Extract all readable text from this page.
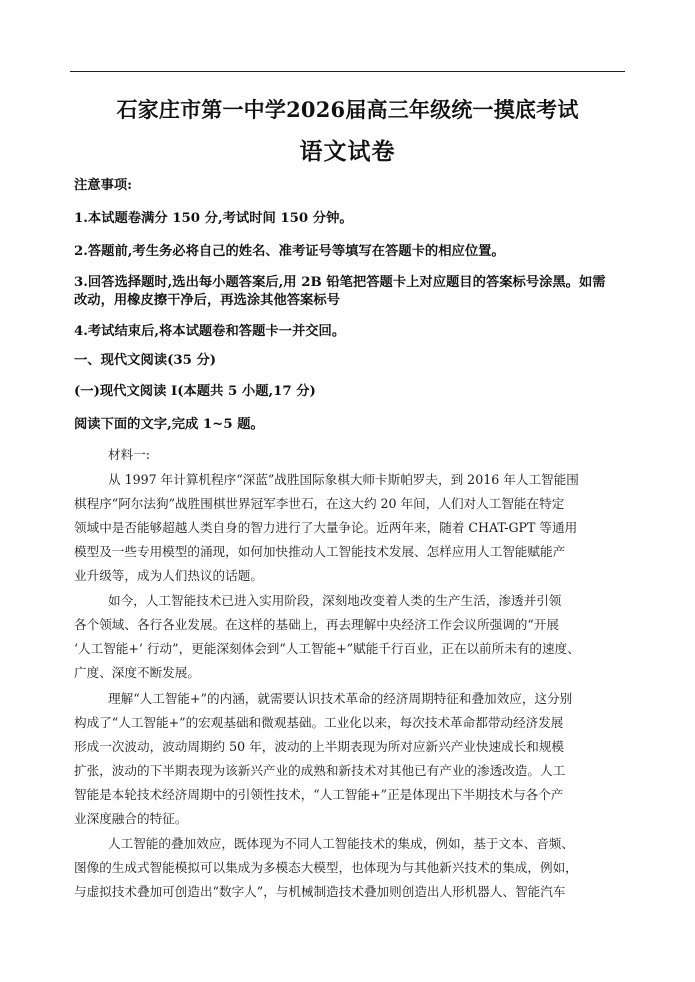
石家庄市第一中学2026届高三年级统一摸底考试
语文试卷
注意事项:
1.本试题卷满分 150 分,考试时间 150 分钟。
2.答题前,考生务必将自己的姓名、准考证号等填写在答题卡的相应位置。
3.回答选择题时,选出每小题答案后,用 2B 铅笔把答题卡上对应题目的答案标号涂黑。如需
改动，用橡皮擦干净后，再选涂其他答案标号
4.考试结束后,将本试题卷和答题卡一并交回。
一、现代文阅读(35 分)
(一)现代文阅读 I(本题共 5 小题,17 分)
阅读下面的文字,完成 1~5 题。
材料一:
从 1997 年计算机程序“深蓝”战胜国际象棋大师卡斯帕罗夫，到 2016 年人工智能围
棋程序“阿尔法狗”战胜围棋世界冠军李世石，在这大约 20 年间，人们对人工智能在特定
领域中是否能够超越人类自身的智力进行了大量争论。近两年来，随着 CHAT-GPT 等通用
模型及一些专用模型的涌现，如何加快推动人工智能技术发展、怎样应用人工智能赋能产
业升级等，成为人们热议的话题。
如今，人工智能技术已进入实用阶段，深刻地改变着人类的生产生活，渗透并引领
各个领域、各行各业发展。在这样的基础上，再去理解中央经济工作会议所强调的“开展
‘人工智能+’ 行动”，更能深刻体会到“人工智能+”赋能千行百业，正在以前所未有的速度、
广度、深度不断发展。
理解“人工智能+”的内涵，就需要认识技术革命的经济周期特征和叠加效应，这分别
构成了“人工智能+”的宏观基础和微观基础。工业化以来，每次技术革命都带动经济发展
形成一次波动，波动周期约 50 年，波动的上半期表现为所对应新兴产业快速成长和规模
扩张，波动的下半期表现为该新兴产业的成熟和新技术对其他已有产业的渗透改造。人工
智能是本轮技术经济周期中的引领性技术，“人工智能+”正是体现出下半期技术与各个产
业深度融合的特征。
人工智能的叠加效应，既体现为不同人工智能技术的集成，例如，基于文本、音频、
图像的生成式智能模拟可以集成为多模态大模型，也体现为与其他新兴技术的集成，例如，
与虚拟技术叠加可创造出“数字人”，与机械制造技术叠加则创造出人形机器人、智能汽车
